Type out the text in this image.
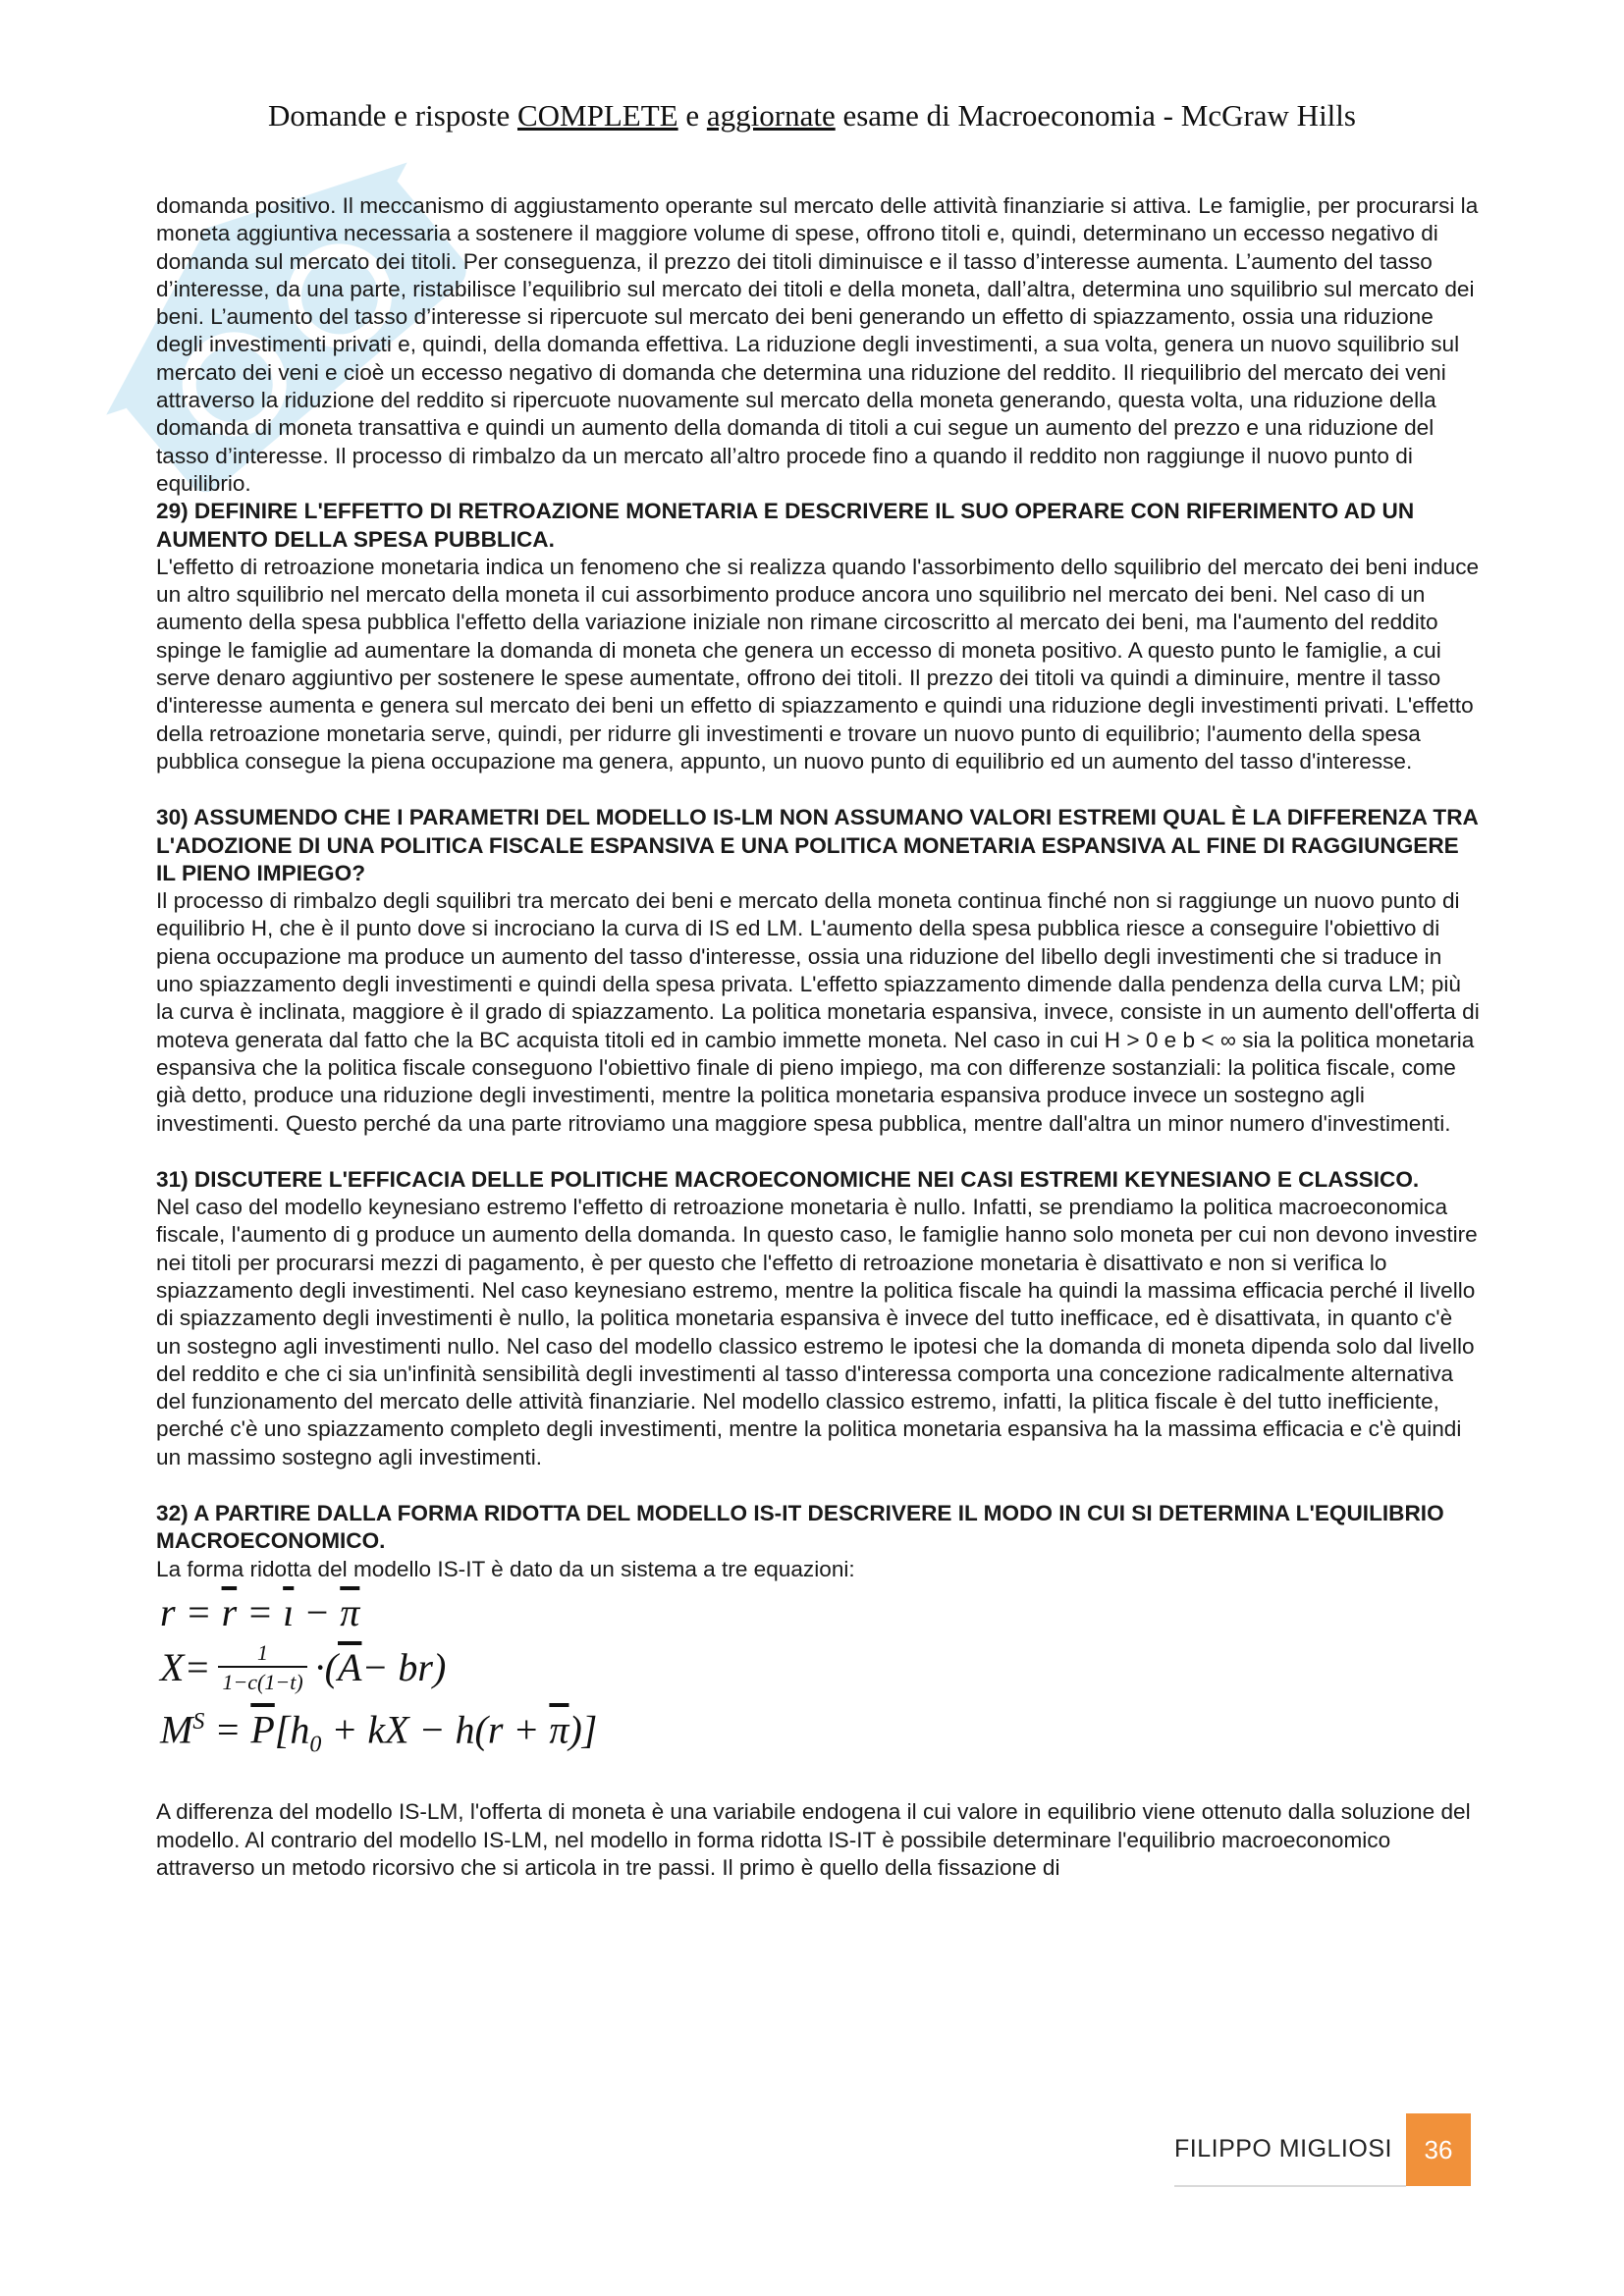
Domande e risposte COMPLETE e aggiornate esame di Macroeconomia - McGraw Hills

domanda positivo. Il meccanismo di aggiustamento operante sul mercato delle attività finanziarie si attiva. Le famiglie, per procurarsi la moneta aggiuntiva necessaria a sostenere il maggiore volume di spese, offrono titoli e, quindi, determinano un eccesso negativo di domanda sul mercato dei titoli. Per conseguenza, il prezzo dei titoli diminuisce e il tasso d’interesse aumenta. L’aumento del tasso d’interesse, da una parte, ristabilisce l’equilibrio sul mercato dei titoli e della moneta, dall’altra, determina uno squilibrio sul mercato dei beni. L’aumento del tasso d’interesse si ripercuote sul mercato dei beni generando un effetto di spiazzamento, ossia una riduzione degli investimenti privati e, quindi, della domanda effettiva. La riduzione degli investimenti, a sua volta, genera un nuovo squilibrio sul mercato dei veni e cioè un eccesso negativo di domanda che determina una riduzione del reddito. Il riequilibrio del mercato dei veni attraverso la riduzione del reddito si ripercuote nuovamente sul mercato della moneta generando, questa volta, una riduzione della domanda di moneta transattiva e quindi un aumento della domanda di titoli a cui segue un aumento del prezzo e una riduzione del tasso d’interesse. Il processo di rimbalzo da un mercato all’altro procede fino a quando il reddito non raggiunge il nuovo punto di equilibrio.

29) DEFINIRE L'EFFETTO DI RETROAZIONE MONETARIA E DESCRIVERE IL SUO OPERARE CON RIFERIMENTO AD UN AUMENTO DELLA SPESA PUBBLICA.

L'effetto di retroazione monetaria indica un fenomeno che si realizza quando l'assorbimento dello squilibrio del mercato dei beni induce un altro squilibrio nel mercato della moneta il cui assorbimento produce ancora uno squilibrio nel mercato dei beni. Nel caso di un aumento della spesa pubblica l'effetto della variazione iniziale non rimane circoscritto al mercato dei beni, ma l'aumento del reddito spinge le famiglie ad aumentare la domanda di moneta che genera un eccesso di moneta positivo. A questo punto le famiglie, a cui serve denaro aggiuntivo per sostenere le spese aumentate, offrono dei titoli. Il prezzo dei titoli va quindi a diminuire, mentre il tasso d'interesse aumenta e genera sul mercato dei beni un effetto di spiazzamento e quindi una riduzione degli investimenti privati. L'effetto della retroazione monetaria serve, quindi, per ridurre gli investimenti e trovare un nuovo punto di equilibrio; l'aumento della spesa pubblica consegue la piena occupazione ma genera, appunto, un nuovo punto di equilibrio ed un aumento del tasso d'interesse.

30) ASSUMENDO CHE I PARAMETRI DEL MODELLO IS-LM NON ASSUMANO VALORI ESTREMI QUAL È LA DIFFERENZA TRA L'ADOZIONE DI UNA POLITICA FISCALE ESPANSIVA E UNA POLITICA MONETARIA ESPANSIVA AL FINE DI RAGGIUNGERE IL PIENO IMPIEGO?

Il processo di rimbalzo degli squilibri tra mercato dei beni e mercato della moneta continua finché non si raggiunge un nuovo punto di equilibrio H, che è il punto dove si incrociano la curva di IS ed LM. L'aumento della spesa pubblica riesce a conseguire l'obiettivo di piena occupazione ma produce un aumento del tasso d'interesse, ossia una riduzione del libello degli investimenti che si traduce in uno spiazzamento degli investimenti e quindi della spesa privata. L'effetto spiazzamento dimende dalla pendenza della curva LM; più la curva è inclinata, maggiore è il grado di spiazzamento. La politica monetaria espansiva, invece, consiste in un aumento dell'offerta di moteva generata dal fatto che la BC acquista titoli ed in cambio immette moneta. Nel caso in cui H > 0 e b < ∞ sia la politica monetaria espansiva che la politica fiscale conseguono l'obiettivo finale di pieno impiego, ma con differenze sostanziali: la politica fiscale, come già detto, produce una riduzione degli investimenti, mentre la politica monetaria espansiva produce invece un sostegno agli investimenti. Questo perché da una parte ritroviamo una maggiore spesa pubblica, mentre dall'altra un minor numero d'investimenti.

31) DISCUTERE L'EFFICACIA DELLE POLITICHE MACROECONOMICHE NEI CASI ESTREMI KEYNESIANO E CLASSICO.

Nel caso del modello keynesiano estremo l'effetto di retroazione monetaria è nullo. Infatti, se prendiamo la politica macroeconomica fiscale, l'aumento di g produce un aumento della domanda. In questo caso, le famiglie hanno solo moneta per cui non devono investire nei titoli per procurarsi mezzi di pagamento, è per questo che l'effetto di retroazione monetaria è disattivato e non si verifica lo spiazzamento degli investimenti. Nel caso keynesiano estremo, mentre la politica fiscale ha quindi la massima efficacia perché il livello di spiazzamento degli investimenti è nullo, la politica monetaria espansiva è invece del tutto inefficace, ed è disattivata, in quanto c'è un sostegno agli investimenti nullo. Nel caso del modello classico estremo le ipotesi che la domanda di moneta dipenda solo dal livello del reddito e che ci sia un'infinità sensibilità degli investimenti al tasso d'interessa comporta una concezione radicalmente alternativa del funzionamento del mercato delle attività finanziarie. Nel modello classico estremo, infatti, la plitica fiscale è del tutto inefficiente, perché c'è uno spiazzamento completo degli investimenti, mentre la politica monetaria espansiva ha la massima efficacia e c'è quindi un massimo sostegno agli investimenti.

32) A PARTIRE DALLA FORMA RIDOTTA DEL MODELLO IS-IT DESCRIVERE IL MODO IN CUI SI DETERMINA L'EQUILIBRIO MACROECONOMICO.

La forma ridotta del modello IS-IT è dato da un sistema a tre equazioni:

$r = \overline{r} = \overline{ı} - \overline{\pi}$
$X = \frac{1}{1-c(1-t)}$ · ( $\overline{A} - br$)
$M^S = \overline{P}[h_0$ + kX − $h(r + \overline{\pi})$]

A differenza del modello IS-LM, l'offerta di moneta è una variabile endogena il cui valore in equilibrio viene ottenuto dalla soluzione del modello. Al contrario del modello IS-LM, nel modello in forma ridotta IS-IT è possibile determinare l'equilibrio macroeconomico attraverso un metodo ricorsivo che si articola in tre passi. Il primo è quello della fissazione di

FILIPPO MIGLIOSI	36
